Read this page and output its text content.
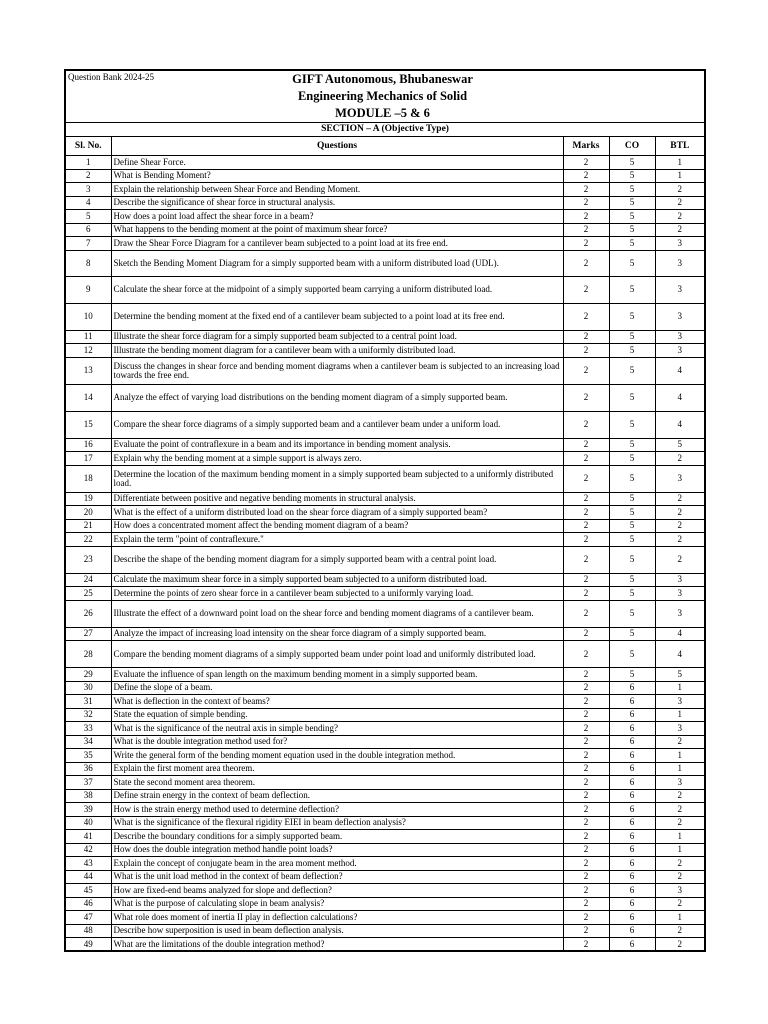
Question Bank 2024-25	GIFT Autonomous, Bhubaneswar
Engineering Mechanics of Solid
MODULE –5 & 6			

SECTION – A (Objective Type)				
Sl. No.	Questions	Marks	CO	BTL
1	Define Shear Force.	2	5	1
2	What is Bending Moment?	2	5	1
3	Explain the relationship between Shear Force and Bending Moment.	2	5	2
4	Describe the significance of shear force in structural analysis.	2	5	2
5	How does a point load affect the shear force in a beam?	2	5	2
6	What happens to the bending moment at the point of maximum shear force?	2	5	2
7	Draw the Shear Force Diagram for a cantilever beam subjected to a point load at its free end.	2	5	3
8	Sketch the Bending Moment Diagram for a simply supported beam with a uniform distributed load (UDL).	2	5	3
9	Calculate the shear force at the midpoint of a simply supported beam carrying a uniform distributed load.	2	5	3
10	Determine the bending moment at the fixed end of a cantilever beam subjected to a point load at its free end.	2	5	3
11	Illustrate the shear force diagram for a simply supported beam subjected to a central point load.	2	5	3
12	Illustrate the bending moment diagram for a cantilever beam with a uniformly distributed load.	2	5	3
13	Discuss the changes in shear force and bending moment diagrams when a cantilever beam is subjected to an increasing load towards the free end.	2	5	4
14	Analyze the effect of varying load distributions on the bending moment diagram of a simply supported beam.	2	5	4
15	Compare the shear force diagrams of a simply supported beam and a cantilever beam under a uniform load.	2	5	4
16	Evaluate the point of contraflexure in a beam and its importance in bending moment analysis.	2	5	5
17	Explain why the bending moment at a simple support is always zero.	2	5	2
18	Determine the location of the maximum bending moment in a simply supported beam subjected to a uniformly distributed load.	2	5	3
19	Differentiate between positive and negative bending moments in structural analysis.	2	5	2
20	What is the effect of a uniform distributed load on the shear force diagram of a simply supported beam?	2	5	2
21	How does a concentrated moment affect the bending moment diagram of a beam?	2	5	2
22	Explain the term "point of contraflexure."	2	5	2
23	Describe the shape of the bending moment diagram for a simply supported beam with a central point load.	2	5	2
24	Calculate the maximum shear force in a simply supported beam subjected to a uniform distributed load.	2	5	3
25	Determine the points of zero shear force in a cantilever beam subjected to a uniformly varying load.	2	5	3
26	Illustrate the effect of a downward point load on the shear force and bending moment diagrams of a cantilever beam.	2	5	3
27	Analyze the impact of increasing load intensity on the shear force diagram of a simply supported beam.	2	5	4
28	Compare the bending moment diagrams of a simply supported beam under point load and uniformly distributed load.	2	5	4
29	Evaluate the influence of span length on the maximum bending moment in a simply supported beam.	2	5	5
30	Define the slope of a beam.	2	6	1
31	What is deflection in the context of beams?	2	6	3
32	State the equation of simple bending.	2	6	1
33	What is the significance of the neutral axis in simple bending?	2	6	3
34	What is the double integration method used for?	2	6	2
35	Write the general form of the bending moment equation used in the double integration method.	2	6	1
36	Explain the first moment area theorem.	2	6	1
37	State the second moment area theorem.	2	6	3
38	Define strain energy in the context of beam deflection.	2	6	2
39	How is the strain energy method used to determine deflection?	2	6	2
40	What is the significance of the flexural rigidity EIEI in beam deflection analysis?	2	6	2
41	Describe the boundary conditions for a simply supported beam.	2	6	1
42	How does the double integration method handle point loads?	2	6	1
43	Explain the concept of conjugate beam in the area moment method.	2	6	2
44	What is the unit load method in the context of beam deflection?	2	6	2
45	How are fixed-end beams analyzed for slope and deflection?	2	6	3
46	What is the purpose of calculating slope in beam analysis?	2	6	2
47	What role does moment of inertia II play in deflection calculations?	2	6	1
48	Describe how superposition is used in beam deflection analysis.	2	6	2
49	What are the limitations of the double integration method?	2	6	2
